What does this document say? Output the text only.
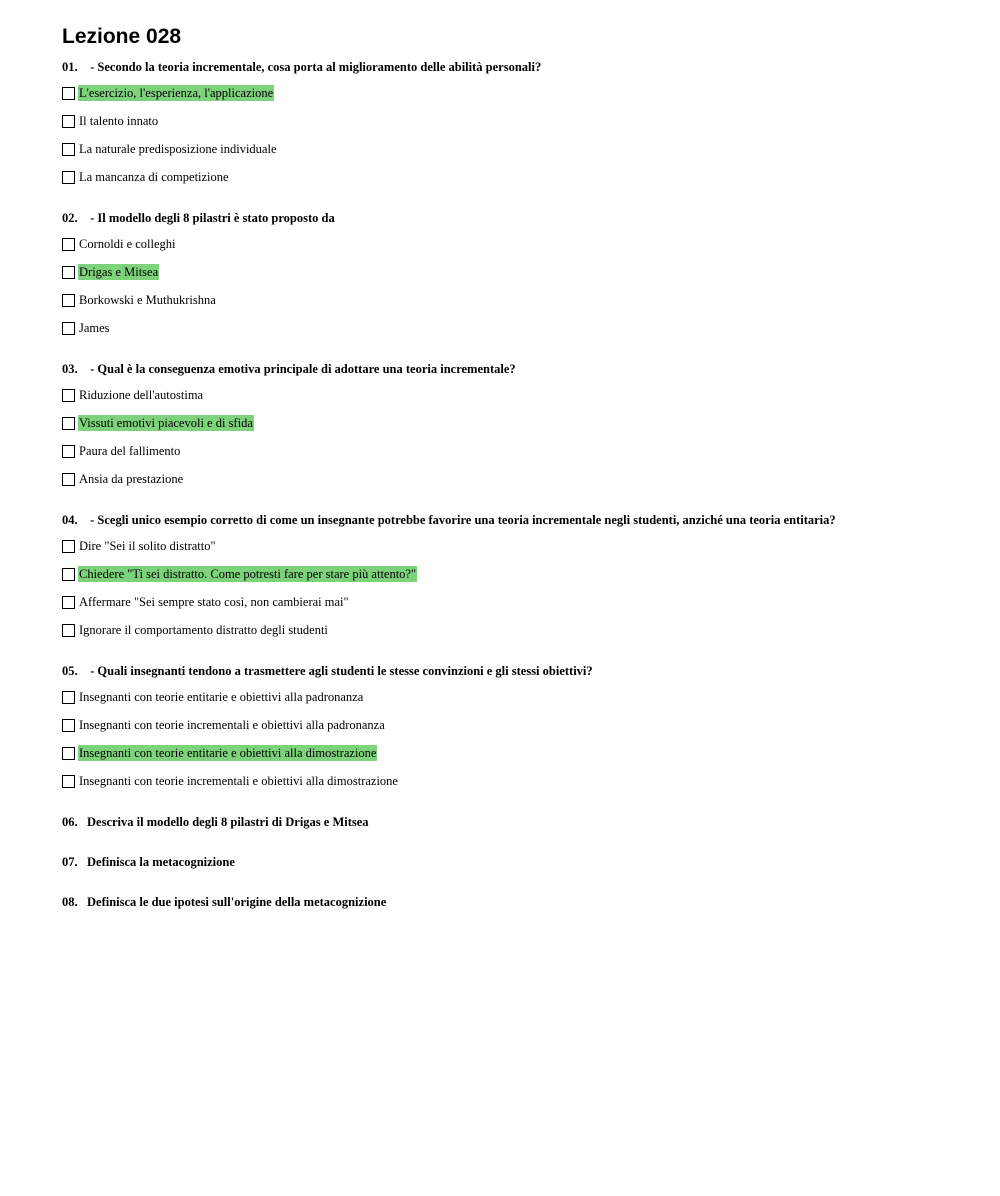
Lezione 028
01. - Secondo la teoria incrementale, cosa porta al miglioramento delle abilità personali?
L'esercizio, l'esperienza, l'applicazione
Il talento innato
La naturale predisposizione individuale
La mancanza di competizione
02. - Il modello degli 8 pilastri è stato proposto da
Cornoldi e colleghi
Drigas e Mitsea
Borkowski e Muthukrishna
James
03. - Qual è la conseguenza emotiva principale di adottare una teoria incrementale?
Riduzione dell'autostima
Vissuti emotivi piacevoli e di sfida
Paura del fallimento
Ansia da prestazione
04. - Scegli unico esempio corretto di come un insegnante potrebbe favorire una teoria incrementale negli studenti, anziché una teoria entitaria?
Dire "Sei il solito distratto"
Chiedere "Ti sei distratto. Come potresti fare per stare più attento?"
Affermare "Sei sempre stato così, non cambierai mai"
Ignorare il comportamento distratto degli studenti
05. - Quali insegnanti tendono a trasmettere agli studenti le stesse convinzioni e gli stessi obiettivi?
Insegnanti con teorie entitarie e obiettivi alla padronanza
Insegnanti con teorie incrementali e obiettivi alla padronanza
Insegnanti con teorie entitarie e obiettivi alla dimostrazione
Insegnanti con teorie incrementali e obiettivi alla dimostrazione
06. Descriva il modello degli 8 pilastri di Drigas e Mitsea
07. Definisca la metacognizione
08. Definisca le due ipotesi sull'origine della metacognizione
